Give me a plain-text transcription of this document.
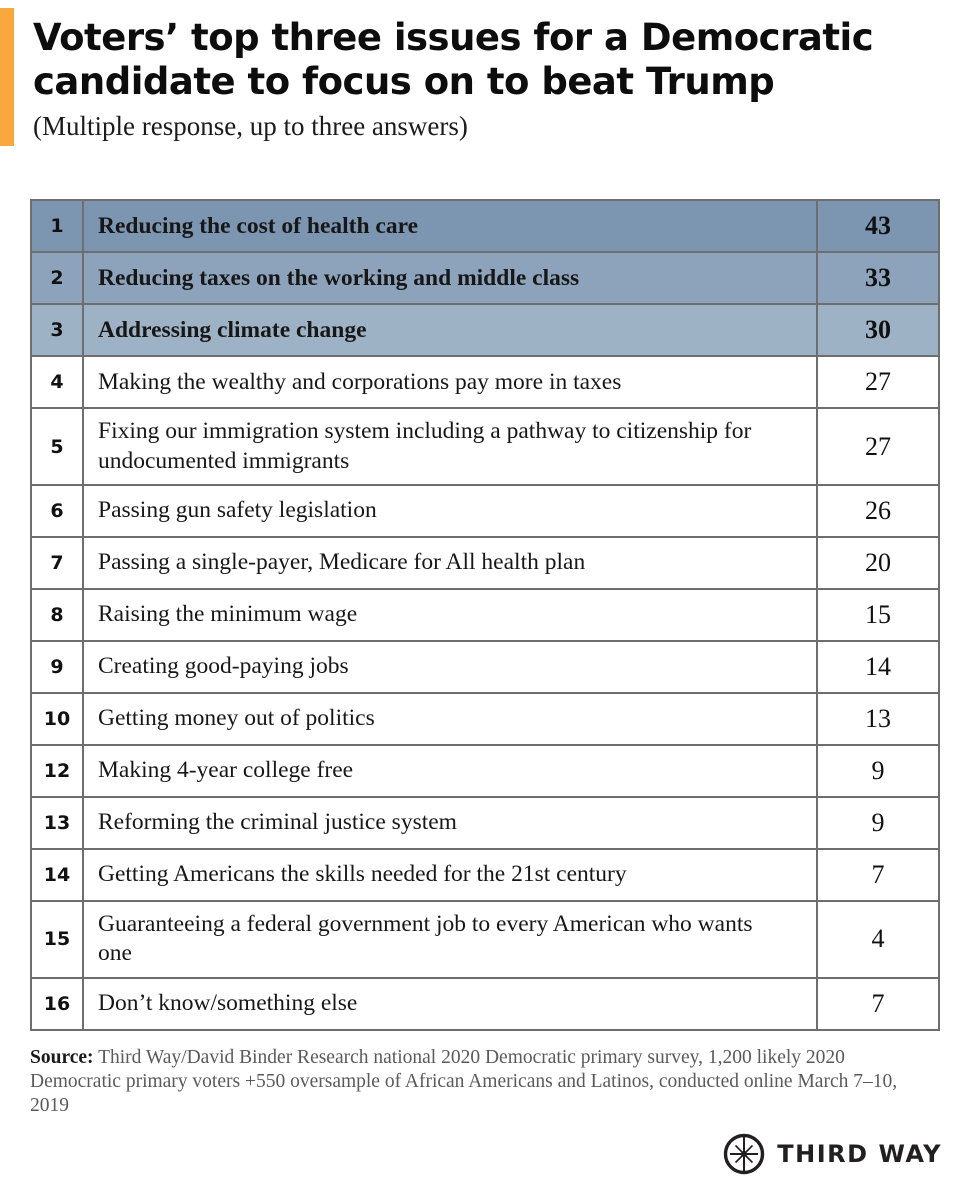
Voters’ top three issues for a Democratic candidate to focus on to beat Trump
(Multiple response, up to three answers)
1	Reducing the cost of health care	43
2	Reducing taxes on the working and middle class	33
3	Addressing climate change	30
4	Making the wealthy and corporations pay more in taxes	27
5	Fixing our immigration system including a pathway to citizenship for undocumented immigrants	27
6	Passing gun safety legislation	26
7	Passing a single-payer, Medicare for All health plan	20
8	Raising the minimum wage	15
9	Creating good-paying jobs	14
10	Getting money out of politics	13
12	Making 4-year college free	9
13	Reforming the criminal justice system	9
14	Getting Americans the skills needed for the 21st century	7
15	Guaranteeing a federal government job to every American who wants one	4
16	Don’t know/something else	7
Source: Third Way/David Binder Research national 2020 Democratic primary survey, 1,200 likely 2020 Democratic primary voters +550 oversample of African Americans and Latinos, conducted online March 7–10, 2019
THIRD WAY
